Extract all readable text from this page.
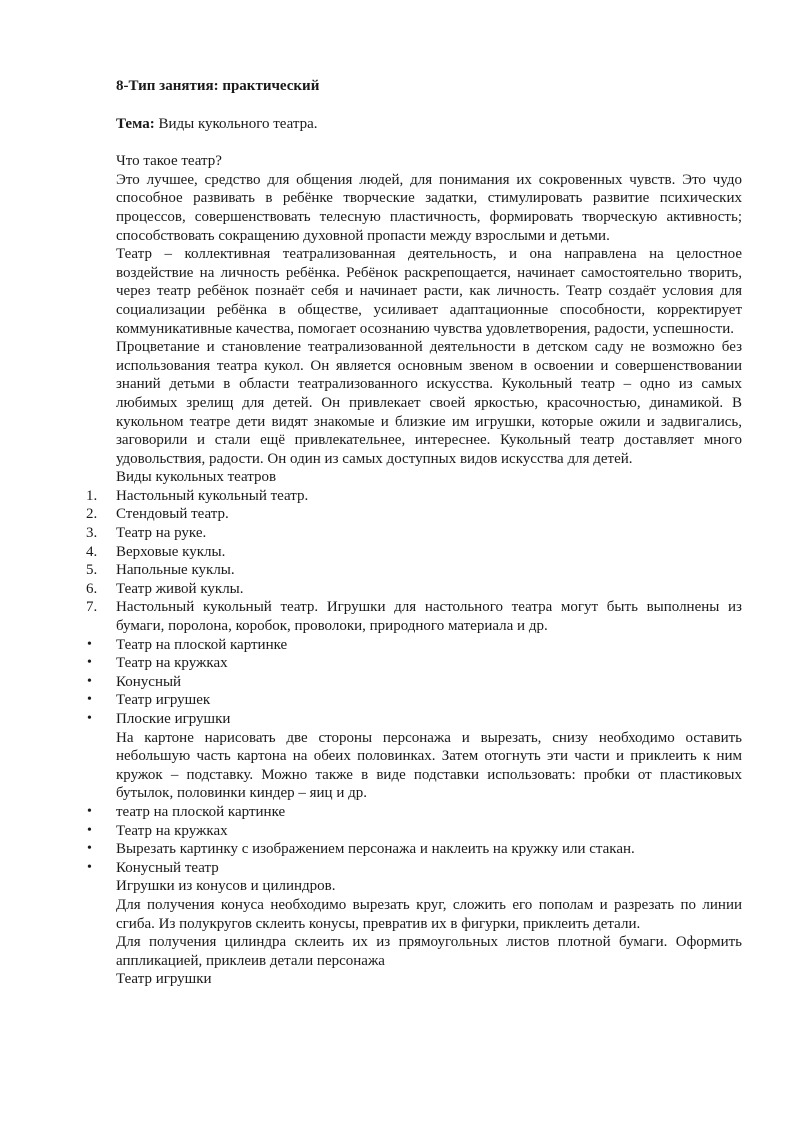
8-Тип занятия: практический

Тема: Виды кукольного театра.

Что такое театр?

Это лучшее, средство для общения людей, для понимания их сокровенных чувств. Это чудо способное развивать в ребёнке творческие задатки, стимулировать развитие психических процессов, совершенствовать телесную пластичность, формировать творческую активность; способствовать сокращению духовной пропасти между взрослыми и детьми.

Театр – коллективная театрализованная деятельность, и она направлена на целостное воздействие на личность ребёнка. Ребёнок раскрепощается, начинает самостоятельно творить, через театр ребёнок познаёт себя и начинает расти, как личность. Театр создаёт условия для социализации ребёнка в обществе, усиливает адаптационные способности, корректирует коммуникативные качества, помогает осознанию чувства удовлетворения, радости, успешности.

Процветание и становление театрализованной деятельности в детском саду не возможно без использования театра кукол. Он является основным звеном в освоении и совершенствовании знаний детьми в области театрализованного искусства. Кукольный театр – одно из самых любимых зрелищ для детей. Он привлекает своей яркостью, красочностью, динамикой. В кукольном театре дети видят знакомые и близкие им игрушки, которые ожили и задвигались, заговорили и стали ещё привлекательнее, интереснее. Кукольный театр доставляет много удовольствия, радости. Он один из самых доступных видов искусства для детей.

Виды кукольных театров

1. Настольный кукольный театр.
2. Стендовый театр.
3. Театр на руке.
4. Верховые куклы.
5. Напольные куклы.
6. Театр живой куклы.
7. Настольный кукольный театр. Игрушки для настольного театра могут быть выполнены из бумаги, поролона, коробок, проволоки, природного материала и др.
• Театр на плоской картинке
• Театр на кружках
• Конусный
• Театр игрушек
• Плоские игрушки

На картоне нарисовать две стороны персонажа и вырезать, снизу необходимо оставить небольшую часть картона на обеих половинках. Затем отогнуть эти части и приклеить к ним кружок – подставку. Можно также в виде подставки использовать: пробки от пластиковых бутылок, половинки киндер – яиц и др.

• театр на плоской картинке
• Театр на кружках
• Вырезать картинку с изображением персонажа и наклеить на кружку или стакан.
• Конусный театр

Игрушки из конусов и цилиндров.

Для получения конуса необходимо вырезать круг, сложить его пополам и разрезать по линии сгиба. Из полукругов склеить конусы, превратив их в фигурки, приклеить детали.

Для получения цилиндра склеить их из прямоугольных листов плотной бумаги. Оформить аппликацией, приклеив детали персонажа

Театр игрушки
